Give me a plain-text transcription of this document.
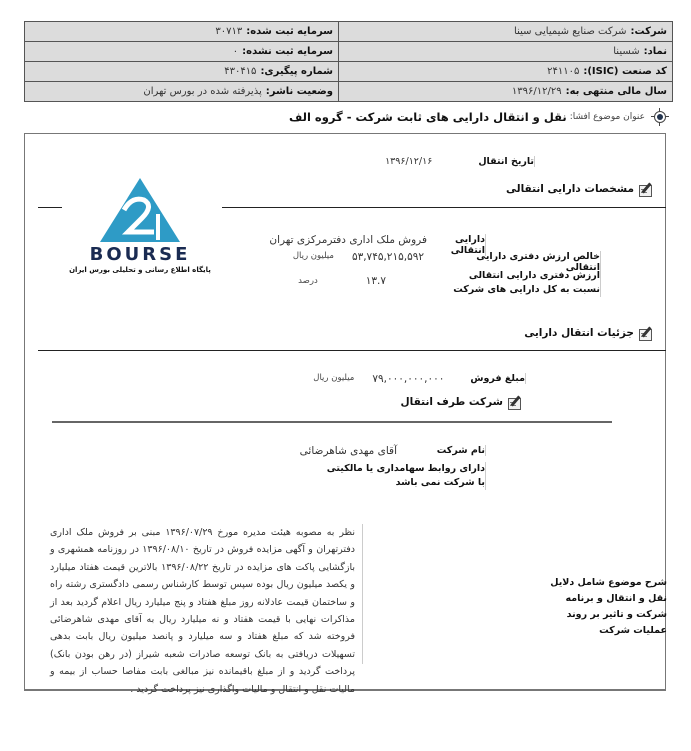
شرکت:شرکت صنایع شیمیایی سینا	سرمایه ثبت شده:۳۰۷۱۳
نماد:شسینا	سرمایه ثبت نشده:۰
کد صنعت (ISIC):۲۴۱۱۰۵	شماره پیگیری:۴۳۰۴۱۵
سال مالی منتهی به:۱۳۹۶/۱۲/۲۹	وضعیت ناشر:پذیرفته شده در بورس تهران
عنوان موضوع افشا:
نقل و انتقال دارایی های ثابت شرکت - گروه الف
تاریخ انتقال
۱۳۹۶/۱۲/۱۶
مشخصات دارایی انتقالی
BOURSE
پایگاه اطلاع رسانی و تحلیلی بورس ایران
دارایی انتقالی
فروش ملک اداری دفترمرکزی تهران
خالص ارزش دفتری دارایی انتقالی
۵۳,۷۴۵,۲۱۵,۵۹۲
میلیون ریال
ارزش دفتری دارایی انتقالی نسبت به کل دارایی های شرکت
۱۳.۷
درصد
جزئیات انتقال دارایی
مبلغ فروش
۷۹,۰۰۰,۰۰۰,۰۰۰
میلیون ریال
شرکت طرف انتقال
نام شرکت
آقای مهدی شاهرضائی
دارای روابط سهامداری یا مالکیتی با شرکت نمی باشد
شرح موضوع شامل دلایل نقل و انتقال و برنامه شرکت و تاثیر بر روند عملیات شرکت
نظر به مصوبه هیئت مدیره مورخ ۱۳۹۶/۰۷/۲۹ مبنی بر فروش ملک اداری دفترتهران و آگهی مزایده فروش در تاریخ ۱۳۹۶/۰۸/۱۰ در روزنامه همشهری و بازگشایی پاکت های مزایده در تاریخ ۱۳۹۶/۰۸/۲۲ بالاترین قیمت هفتاد میلیارد و یکصد میلیون ریال بوده سپس توسط کارشناس رسمی دادگستری رشته راه و ساختمان قیمت عادلانه روز مبلغ هفتاد و پنج میلیارد ریال اعلام گردید بعد از مذاکرات نهایی با قیمت هفتاد و نه میلیارد ریال به آقای مهدی شاهرضائی فروخته شد که مبلغ هفتاد و سه میلیارد و پانصد میلیون ریال بابت بدهی تسهیلات دریافتی به بانک توسعه صادرات شعبه شیراز (در رهن بودن بانک) پرداخت گردید و از مبلغ باقیمانده نیز مبالغی بابت مفاصا حساب از بیمه و مالیات نقل و انتقال و مالیات واگذاری نیز پرداخت گردید .
